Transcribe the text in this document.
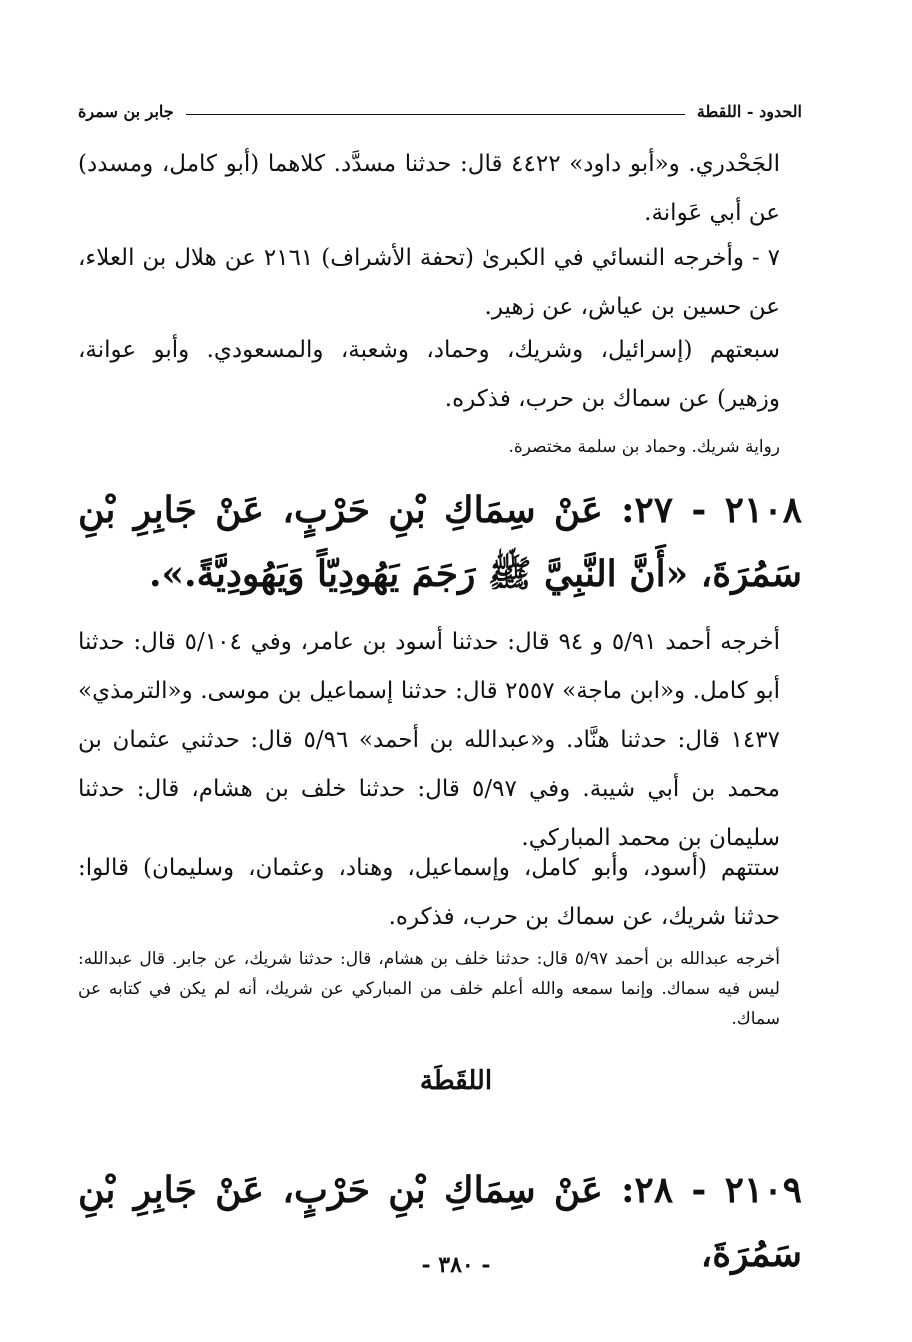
الحدود - اللقطة
جابر بن سمرة
الجَحْدري. و«أبو داود» ٤٤٢٢ قال: حدثنا مسدَّد. كلاهما (أبو كامل، ومسدد) عن أبي عَوانة.
٧ - وأخرجه النسائي في الكبرىٰ (تحفة الأشراف) ٢١٦١ عن هلال بن العلاء، عن حسين بن عياش، عن زهير.
سبعتهم (إسرائيل، وشريك، وحماد، وشعبة، والمسعودي. وأبو عوانة، وزهير) عن سماك بن حرب، فذكره.
رواية شريك. وحماد بن سلمة مختصرة.
٢١٠٨ - ٢٧: عَنْ سِمَاكِ بْنِ حَرْبٍ، عَنْ جَابِرِ بْنِ سَمُرَةَ، «أَنَّ النَّبِيَّ ﷺ رَجَمَ يَهُودِيّاً وَيَهُودِيَّةً.».
أخرجه أحمد ٥/٩١ و ٩٤ قال: حدثنا أسود بن عامر، وفي ٥/١٠٤ قال: حدثنا أبو كامل. و«ابن ماجة» ٢٥٥٧ قال: حدثنا إسماعيل بن موسى. و«الترمذي» ١٤٣٧ قال: حدثنا هنَّاد. و«عبدالله بن أحمد» ٥/٩٦ قال: حدثني عثمان بن محمد بن أبي شيبة. وفي ٥/٩٧ قال: حدثنا خلف بن هشام، قال: حدثنا سليمان بن محمد المباركي.
ستتهم (أسود، وأبو كامل، وإسماعيل، وهناد، وعثمان، وسليمان) قالوا: حدثنا شريك، عن سماك بن حرب، فذكره.
أخرجه عبدالله بن أحمد ٥/٩٧ قال: حدثنا خلف بن هشام، قال: حدثنا شريك، عن جابر. قال عبدالله: ليس فيه سماك. وإنما سمعه والله أعلم خلف من المباركي عن شريك، أنه لم يكن في كتابه عن سماك.
اللقَطَة
٢١٠٩ - ٢٨: عَنْ سِمَاكِ بْنِ حَرْبٍ، عَنْ جَابِرِ بْنِ سَمُرَةَ،
- ٣٨٠ -
